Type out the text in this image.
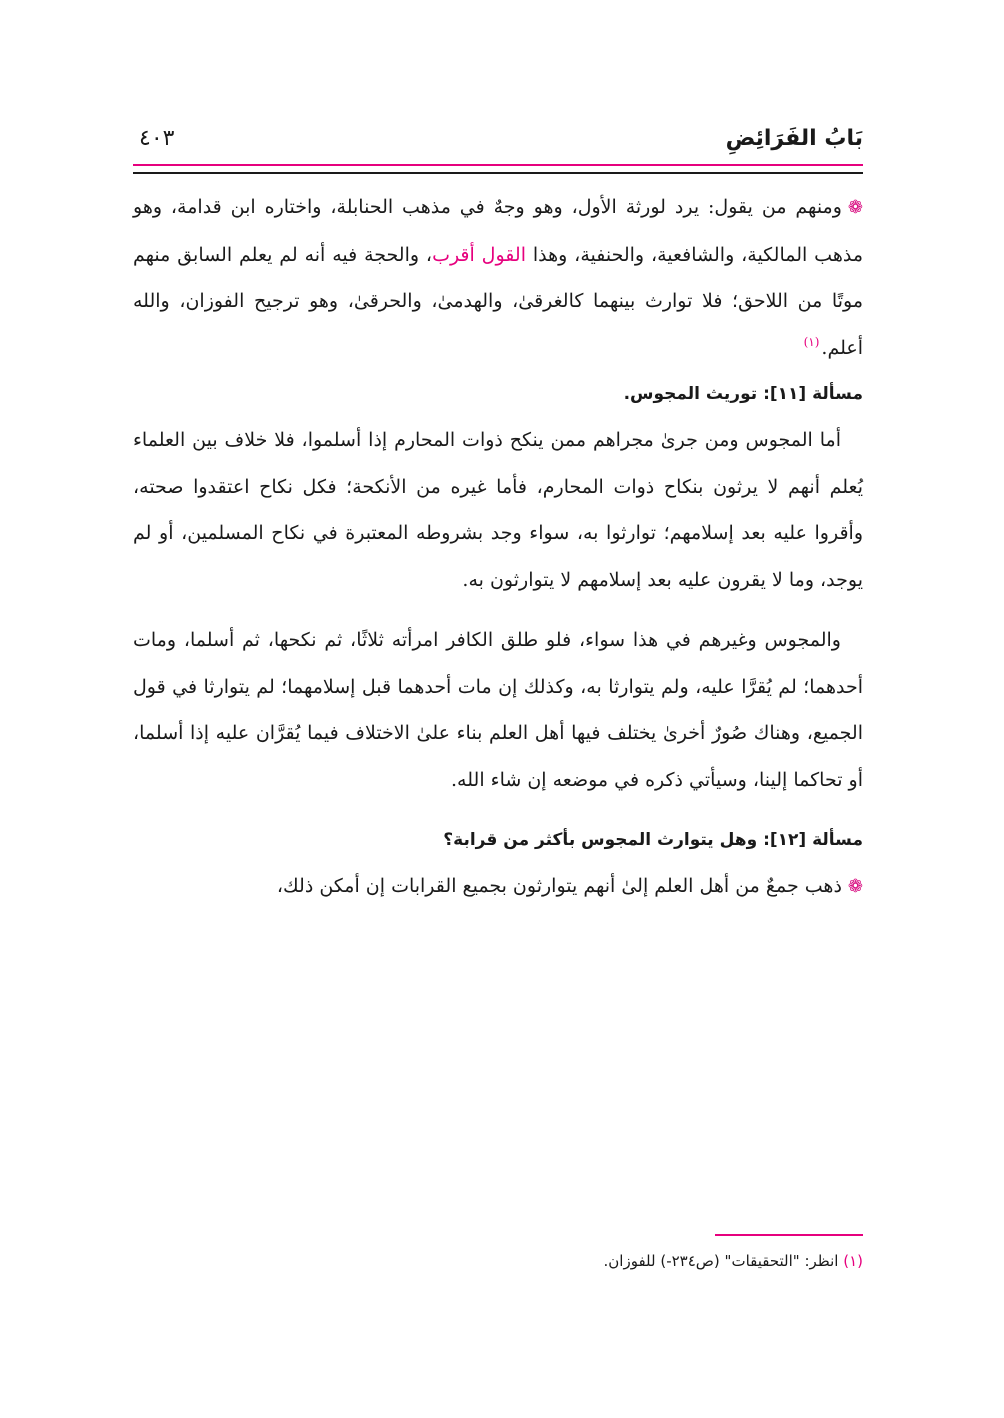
بَابُ الفَرَائِضِ
٤٠٣

❁ومنهم من يقول: يرد لورثة الأول، وهو وجهٌ في مذهب الحنابلة، واختاره ابن قدامة، وهو مذهب المالكية، والشافعية، والحنفية، وهذا القول أقرب، والحجة فيه أنه لم يعلم السابق منهم موتًا من اللاحق؛ فلا توارث بينهما كالغرقىٰ، والهدمىٰ، والحرقىٰ، وهو ترجيح الفوزان، والله أعلم.$^{(١)}$

مسألة [١١]: توريث المجوس.

أما المجوس ومن جرىٰ مجراهم ممن ينكح ذوات المحارم إذا أسلموا، فلا خلاف بين العلماء يُعلم أنهم لا يرثون بنكاح ذوات المحارم، فأما غيره من الأنكحة؛ فكل نكاح اعتقدوا صحته، وأقروا عليه بعد إسلامهم؛ توارثوا به، سواء وجد بشروطه المعتبرة في نكاح المسلمين، أو لم يوجد، وما لا يقرون عليه بعد إسلامهم لا يتوارثون به.

والمجوس وغيرهم في هذا سواء، فلو طلق الكافر امرأته ثلاثًا، ثم نكحها، ثم أسلما، ومات أحدهما؛ لم يُقرَّا عليه، ولم يتوارثا به، وكذلك إن مات أحدهما قبل إسلامهما؛ لم يتوارثا في قول الجميع، وهناك صُورٌ أخرىٰ يختلف فيها أهل العلم بناء علىٰ الاختلاف فيما يُقرَّان عليه إذا أسلما، أو تحاكما إلينا، وسيأتي ذكره في موضعه إن شاء الله.

مسألة [١٢]: وهل يتوارث المجوس بأكثر من قرابة؟

❁ذهب جمعٌ من أهل العلم إلىٰ أنهم يتوارثون بجميع القرابات إن أمكن ذلك،

(١) انظر: "التحقيقات" (ص٢٣٤-) للفوزان.
